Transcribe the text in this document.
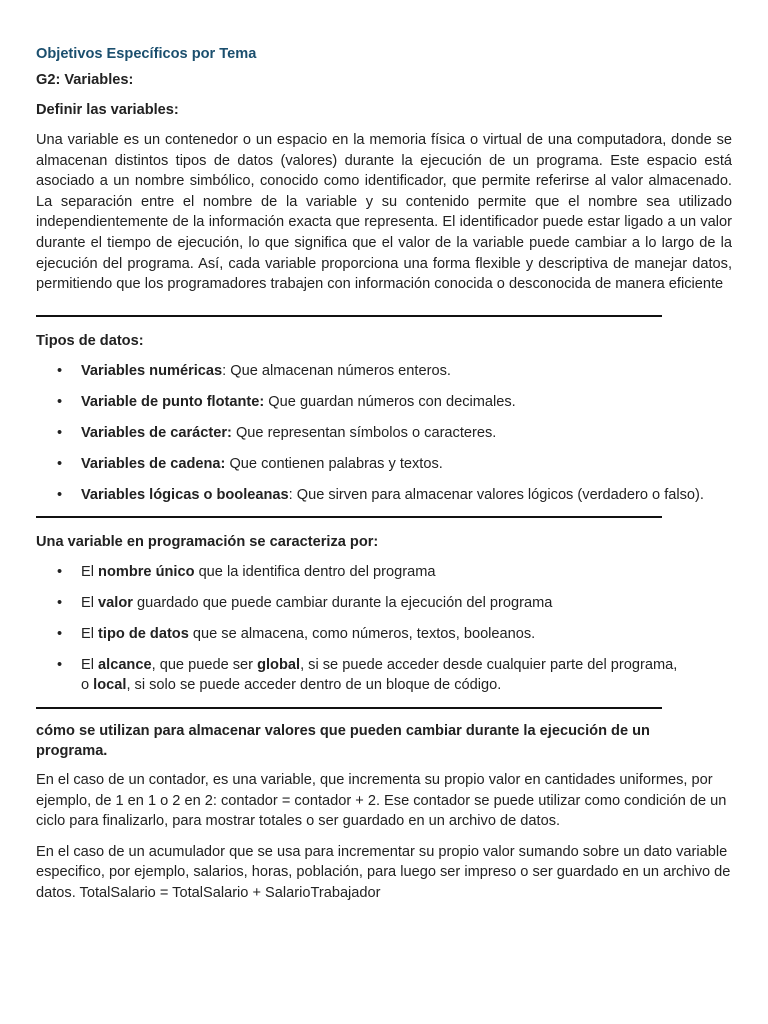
Objetivos Específicos por Tema
G2: Variables:
Definir las variables:

Una variable es un contenedor o un espacio en la memoria física o virtual de una computadora, donde se almacenan distintos tipos de datos (valores) durante la ejecución de un programa. Este espacio está asociado a un nombre simbólico, conocido como identificador, que permite referirse al valor almacenado. La separación entre el nombre de la variable y su contenido permite que el nombre sea utilizado independientemente de la información exacta que representa. El identificador puede estar ligado a un valor durante el tiempo de ejecución, lo que significa que el valor de la variable puede cambiar a lo largo de la ejecución del programa. Así, cada variable proporciona una forma flexible y descriptiva de manejar datos, permitiendo que los programadores trabajen con información conocida o desconocida de manera eficiente

Tipos de datos:
• Variables numéricas: Que almacenan números enteros.
• Variable de punto flotante: Que guardan números con decimales.
• Variables de carácter: Que representan símbolos o caracteres.
• Variables de cadena: Que contienen palabras y textos.
• Variables lógicas o booleanas: Que sirven para almacenar valores lógicos (verdadero o falso).
Una variable en programación se caracteriza por:
• El nombre único que la identifica dentro del programa
• El valor guardado que puede cambiar durante la ejecución del programa
• El tipo de datos que se almacena, como números, textos, booleanos.
• El alcance, que puede ser global, si se puede acceder desde cualquier parte del programa,
o local, si solo se puede acceder dentro de un bloque de código.
cómo se utilizan para almacenar valores que pueden cambiar durante la ejecución de un
programa.

En el caso de un contador, es una variable, que incrementa su propio valor en cantidades uniformes, por ejemplo, de 1 en 1 o 2 en 2: contador = contador + 2. Ese contador se puede utilizar como condición de un ciclo para finalizarlo, para mostrar totales o ser guardado en un archivo de datos.

En el caso de un acumulador que se usa para incrementar su propio valor sumando sobre un dato variable especifico, por ejemplo, salarios, horas, población, para luego ser impreso o ser guardado en un archivo de datos. TotalSalario = TotalSalario + SalarioTrabajador
